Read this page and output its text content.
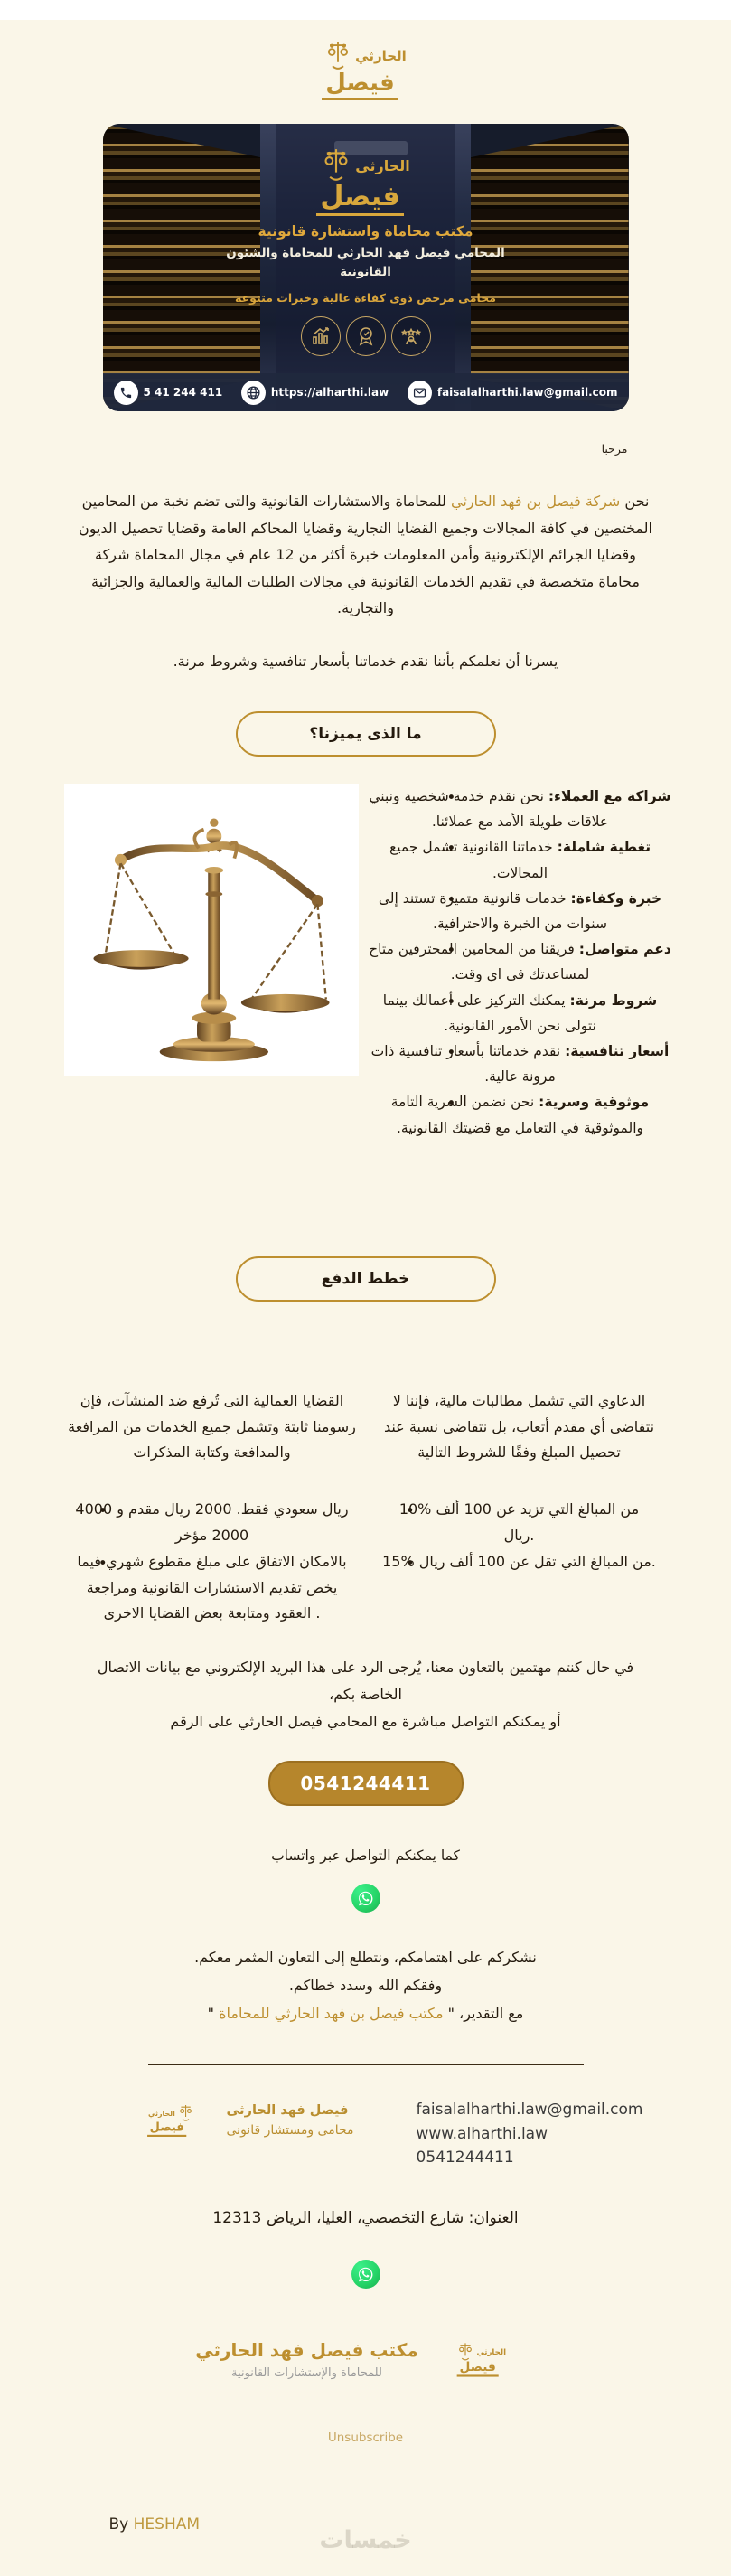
الحارثي
فيصل
الحارثي
فيصل
مكتب محاماة واستشارة قانونية
المحامي فيصل فهد الحارثي للمحاماة والشئون القانونية
محامى مرخص ذوى كفاءة عالية وخبرات متنوعة
5 41 244 411	https://alharthi.law	faisalalharthi.law@gmail.com
مرحبا

نحن شركة فيصل بن فهد الحارثي للمحاماة والاستشارات القانونية والتى تضم نخبة من المحامين المختصين في كافة المجالات وجميع القضايا التجارية وقضايا المحاكم العامة وقضايا تحصيل الديون وقضايا الجرائم الإلكترونية وأمن المعلومات خبرة أكثر من 12 عام في مجال المحاماة شركة محاماة متخصصة في تقديم الخدمات القانونية في مجالات الطلبات المالية والعمالية والجزائية والتجارية.

يسرنا أن نعلمكم بأننا نقدم خدماتنا بأسعار تنافسية وشروط مرنة.

ما الذى يميزنا؟
• شراكة مع العملاء: نحن نقدم خدمة شخصية ونبني علاقات طويلة الأمد مع عملائنا.
• تغطية شاملة: خدماتنا القانونية تشمل جميع المجالات.
• خبرة وكفاءة: خدمات قانونية متميزة تستند إلى سنوات من الخبرة والاحترافية.
• دعم متواصل: فريقنا من المحامين المحترفين متاح لمساعدتك فى اى وقت.
• شروط مرنة: يمكنك التركيز على أعمالك بينما نتولى نحن الأمور القانونية.
• أسعار تنافسية: نقدم خدماتنا بأسعار تنافسية ذات مرونة عالية.
• موثوقية وسرية: نحن نضمن السرية التامة والموثوقية في التعامل مع قضيتك القانونية.
خطط الدفع

القضايا العمالية التى تُرفع ضد المنشآت، فإن رسومنا ثابتة وتشمل جميع الخدمات من المرافعة والمدافعة وكتابة المذكرات

• 4000 ريال سعودي فقط. 2000 ريال مقدم و 2000 مؤخر
• بالامكان الاتفاق على مبلغ مقطوع شهري فيما يخص تقديم الاستشارات القانونية ومراجعة العقود ومتابعة بعض القضايا الاخرى .

الدعاوي التي تشمل مطالبات مالية، فإننا لا نتقاضى أي مقدم أتعاب، بل نتقاضى نسبة عند تحصيل المبلغ وفقًا للشروط التالية

• 10% من المبالغ التي تزيد عن 100 ألف ريال.
• 15% من المبالغ التي تقل عن 100 ألف ريال.

في حال كنتم مهتمين بالتعاون معنا، يُرجى الرد على هذا البريد الإلكتروني مع بيانات الاتصال الخاصة بكم،

أو يمكنكم التواصل مباشرة مع المحامي فيصل الحارثي على الرقم

0541244411

كما يمكنكم التواصل عبر واتساب

نشكركم على اهتمامكم، ونتطلع إلى التعاون المثمر معكم.

وفقكم الله وسدد خطاكم.

مع التقدير، " مكتب فيصل بن فهد الحارثي للمحاماة "

فيصل فهد الحارثى
محامى ومستشار قانونى
الحارثي
فيصل
faisalalharthi.law@gmail.com
www.alharthi.law
0541244411

العنوان: شارع التخصصي، العليا، الرياض 12313

مكتب فيصل فهد الحارثي
للمحاماة والإستشارات القانونية
الحارثي
فيصل
Unsubscribe
By HESHAM
خمسات
